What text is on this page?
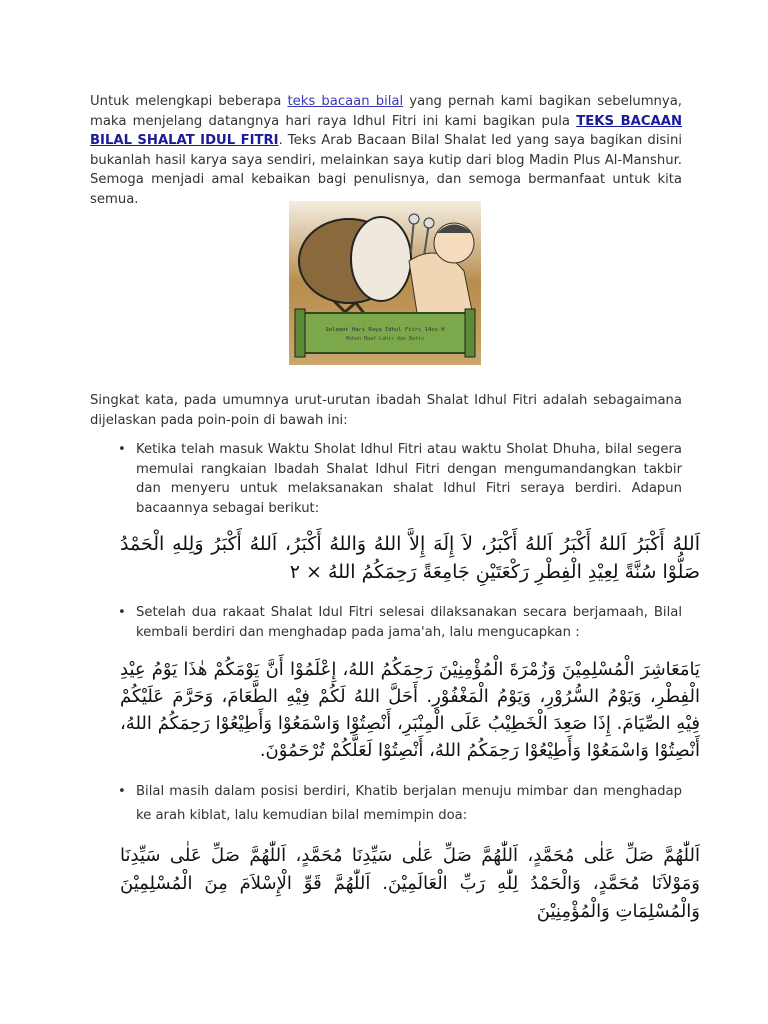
Untuk melengkapi beberapa teks bacaan bilal yang pernah kami bagikan sebelumnya, maka menjelang datangnya hari raya Idhul Fitri ini kami bagikan pula TEKS BACAAN BILAL SHALAT IDUL FITRI. Teks Arab Bacaan Bilal Shalat Ied yang saya bagikan disini bukanlah hasil karya saya sendiri, melainkan saya kutip dari blog Madin Plus Al-Manshur. Semoga menjadi amal kebaikan bagi penulisnya, dan semoga bermanfaat untuk kita semua.

Selamat Hari Raya Idhul Fitri 14xx H
Mohon Maaf Lahir dan Batin

Singkat kata, pada umumnya urut-urutan ibadah Shalat Idhul Fitri adalah sebagaimana dijelaskan pada poin-poin di bawah ini:

• Ketika telah masuk Waktu Sholat Idhul Fitri atau waktu Sholat Dhuha, bilal segera memulai rangkaian Ibadah Shalat Idhul Fitri dengan mengumandangkan takbir dan menyeru untuk melaksanakan shalat Idhul Fitri seraya berdiri. Adapun bacaannya sebagai berikut:
اَللهُ أَكْبَرُ اَللهُ أَكْبَرُ اَللهُ أَكْبَرُ، لاَ إِلَهَ إِلاَّ اللهُ وَاللهُ أَكْبَرُ، اَللهُ أَكْبَرُ وَلِلهِ الْحَمْدُ صَلُّوْا سُنَّةً لِعِيْدِ الْفِطْرِ رَكْعَتَيْنِ جَامِعَةً رَحِمَكُمُ اللهُ × ٢
• Setelah dua rakaat Shalat Idul Fitri selesai dilaksanakan secara berjamaah, Bilal kembali berdiri dan menghadap pada jama'ah, lalu mengucapkan :
يَامَعَاشِرَ الْمُسْلِمِيْنَ وَزُمْرَةَ الْمُؤْمِنِيْنَ رَحِمَكُمُ اللهُ، إِعْلَمُوْا أَنَّ يَوْمَكُمْ هٰذَا يَوْمُ عِيْدِ الْفِطْرِ، وَيَوْمُ السُّرُوْرِ، وَيَوْمُ الْمَغْفُوْرِ. أَحَلَّ اللهُ لَكُمْ فِيْهِ الطَّعَامَ، وَحَرَّمَ عَلَيْكُمْ فِيْهِ الصِّيَامَ. إِذَا صَعِدَ الْخَطِيْبُ عَلَى الْمِنْبَرِ، أَنْصِتُوْا وَاسْمَعُوْا وَأَطِيْعُوْا رَحِمَكُمُ اللهُ، أَنْصِتُوْا وَاسْمَعُوْا وَأَطِيْعُوْا رَحِمَكُمُ اللهُ، أَنْصِتُوْا لَعَلَّكُمْ تُرْحَمُوْنَ.
• Bilal masih dalam posisi berdiri, Khatib berjalan menuju mimbar dan menghadap ke arah kiblat, lalu kemudian bilal memimpin doa:
اَللّٰهُمَّ صَلِّ عَلٰى مُحَمَّدٍ، اَللّٰهُمَّ صَلِّ عَلٰى سَيِّدِنَا مُحَمَّدٍ، اَللّٰهُمَّ صَلِّ عَلٰى سَيِّدِنَا وَمَوْلاَنَا مُحَمَّدٍ، وَالْحَمْدُ لِلّٰهِ رَبِّ الْعَالَمِيْنَ. اَللّٰهُمَّ قَوِّ الْإِسْلاَمَ مِنَ الْمُسْلِمِيْنَ وَالْمُسْلِمَاتِ وَالْمُؤْمِنِيْنَ
